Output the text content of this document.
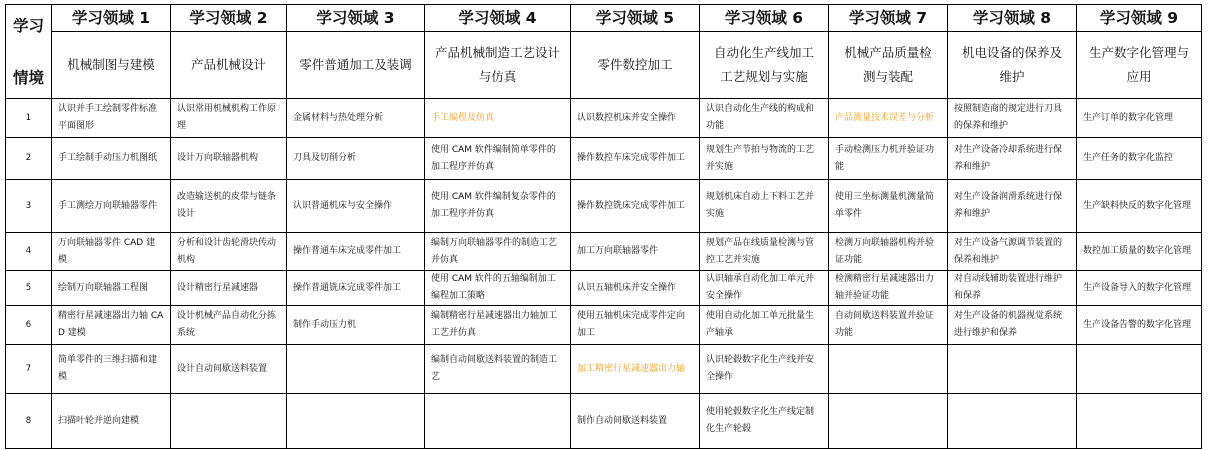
学习

情境	学习领域 1	学习领域 2	学习领域 3	学习领域 4	学习领域 5	学习领域 6	学习领域 7	学习领域 8	学习领域 9
	机械制图与建模	产品机械设计	零件普通加工及装调	产品机械制造工艺设计与仿真	零件数控加工	自动化生产线加工工艺规划与实施	机械产品质量检测与装配	机电设备的保养及维护	生产数字化管理与应用
1	认识并手工绘制零件标准平面图形	认识常用机械机构工作原理	金属材料与热处理分析	手工编程及仿真	认识数控机床并安全操作	认识自动化生产线的构成和功能	产品测量技术误差与分析	按照制造商的规定进行刀具的保养和维护	生产订单的数字化管理
2	手工绘制手动压力机图纸	设计万向联轴器机构	刀具及切削分析	使用 CAM 软件编制简单零件的加工程序并仿真	操作数控车床完成零件加工	规划生产节拍与物流的工艺并实施	手动检测压力机并验证功能	对生产设备冷却系统进行保养和维护	生产任务的数字化监控
3	手工测绘万向联轴器零件	改造输送机的皮带与链条设计	认识普通机床与安全操作	使用 CAM 软件编制复杂零件的加工程序并仿真	操作数控铣床完成零件加工	规划机床自动上下料工艺并实施	使用三坐标测量机测量简单零件	对生产设备润滑系统进行保养和维护	生产缺料快反的数字化管理
4	万向联轴器零件 CAD 建模	分析和设计齿轮滑块传动机构	操作普通车床完成零件加工	编制万向联轴器零件的制造工艺并仿真	加工万向联轴器零件	规划产品在线质量检测与管控工艺并实施	检测万向联轴器机构并验证功能	对生产设备气源调节装置的保养和维护	数控加工质量的数字化管理
5	绘制万向联轴器工程图	设计精密行星减速器	操作普通铣床完成零件加工	使用 CAM 软件的五轴编制加工编程加工策略	认识五轴机床并安全操作	认识轴承自动化加工单元并安全操作	检测精密行星减速器出力轴并验证功能	对自动线辅助装置进行维护和保养	生产设备导入的数字化管理
6	精密行星减速器出力轴 CAD 建模	设计机械产品自动化分拣系统	制作手动压力机	编制精密行星减速器出力轴加工工艺并仿真	使用五轴机床完成零件定向加工	使用自动化加工单元批量生产轴承	自动间歇送料装置并验证功能	对生产设备的机器视觉系统进行维护和保养	生产设备告警的数字化管理
7	简单零件的三维扫描和建模	设计自动间歇送料装置		编制自动间歇送料装置的制造工艺	加工精密行星减速器出力轴	认识轮毂数字化生产线并安全操作			
8	扫描叶轮并逆向建模				制作自动间歇送料装置	使用轮毂数字化生产线定制化生产轮毂			
